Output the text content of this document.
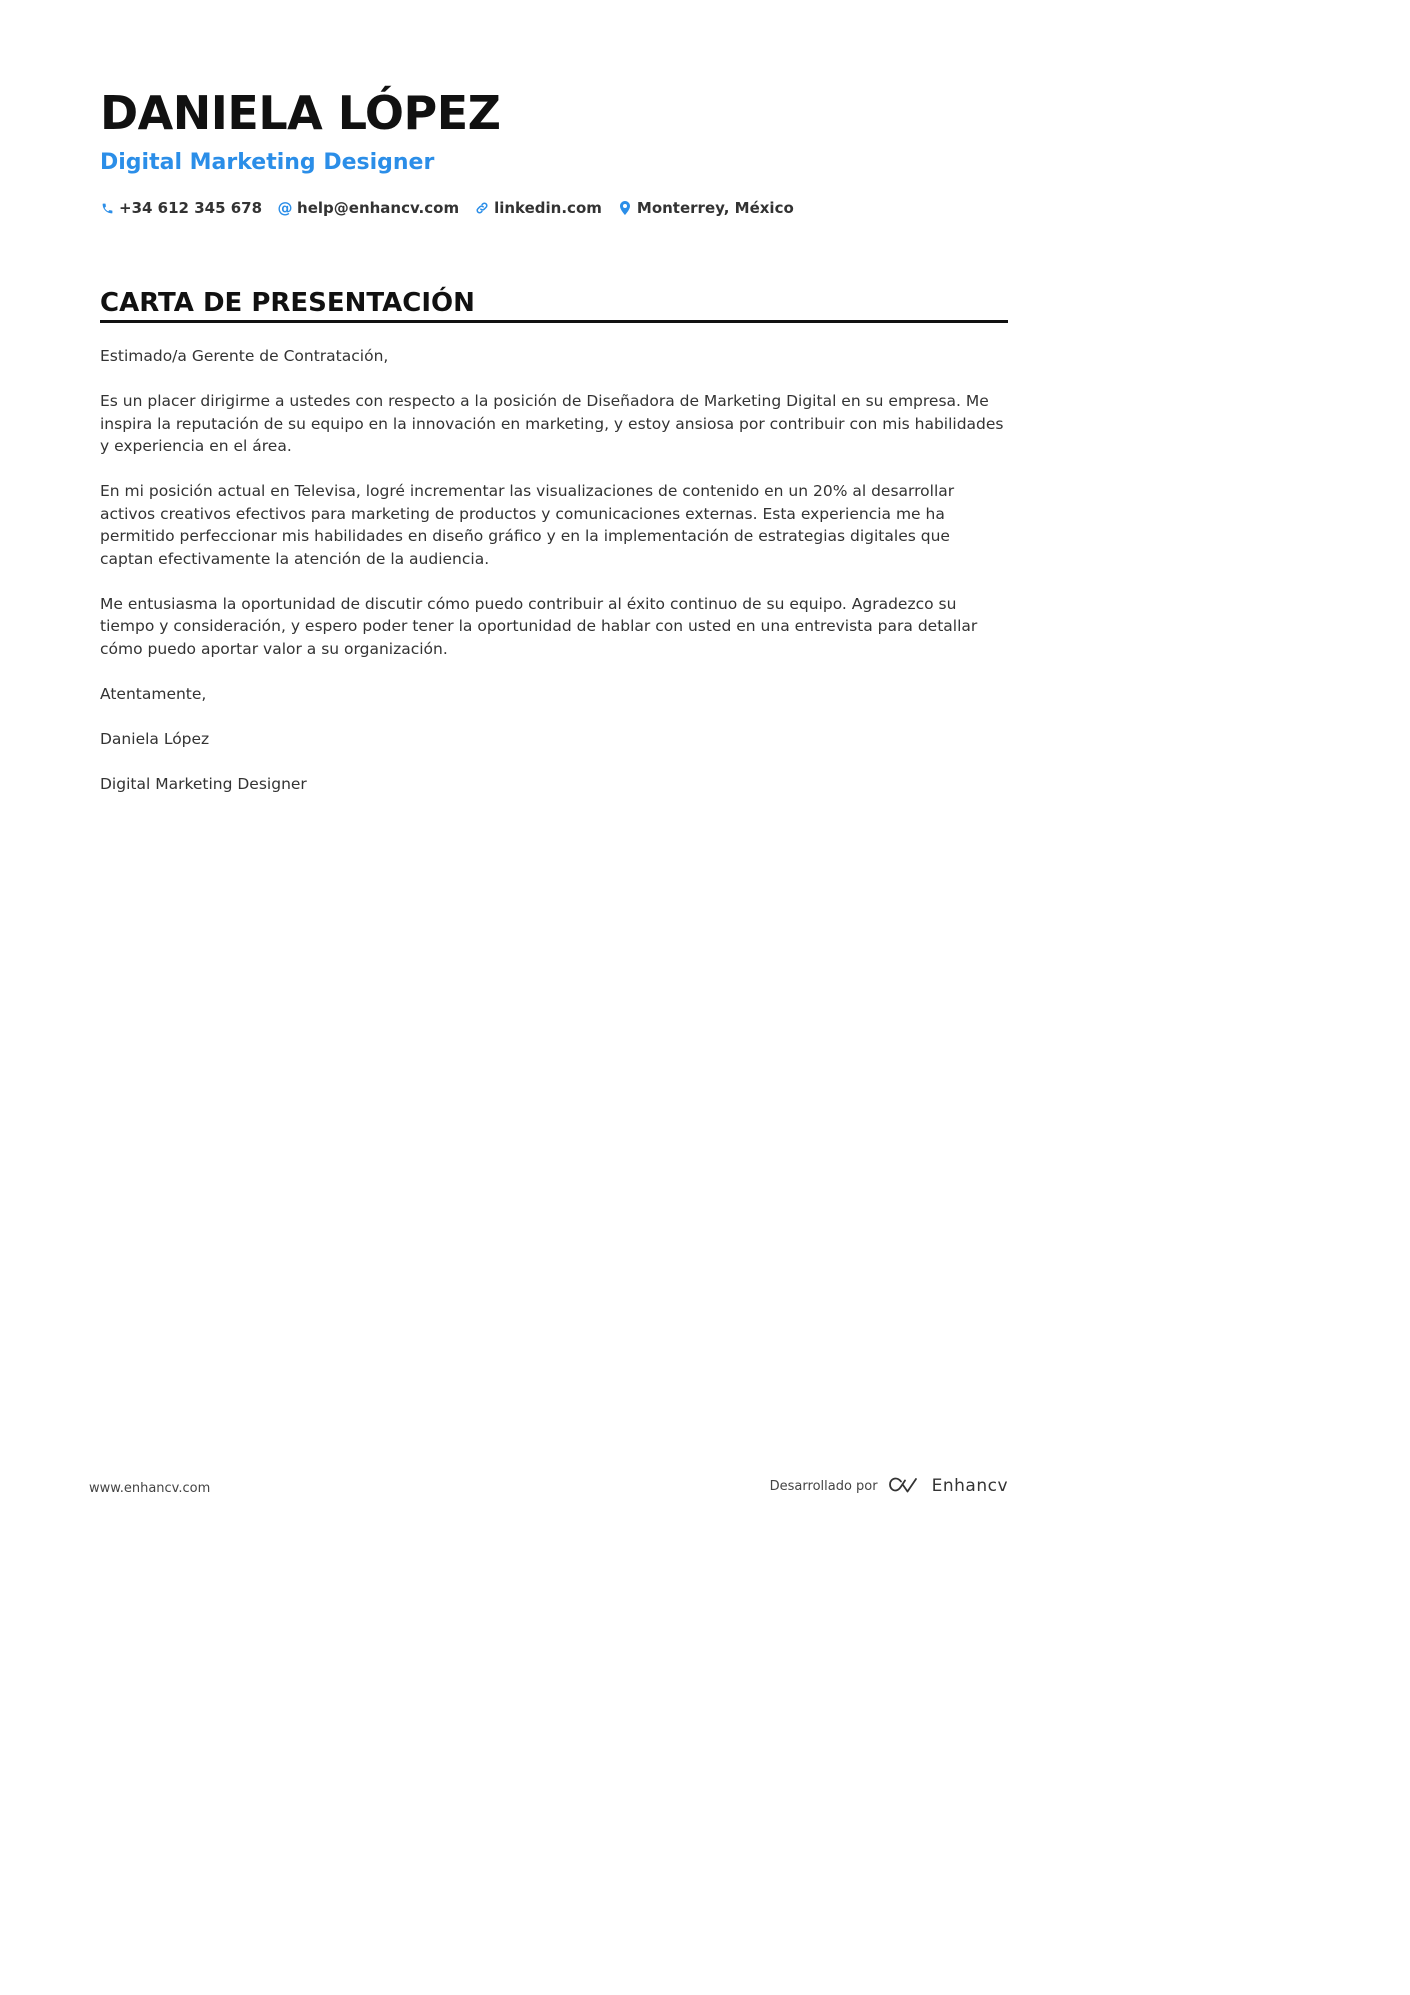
DANIELA LÓPEZ
Digital Marketing Designer
+34 612 345 678 @ help@enhancv.com linkedin.com Monterrey, México
CARTA DE PRESENTACIÓN

Estimado/a Gerente de Contratación,

Es un placer dirigirme a ustedes con respecto a la posición de Diseñadora de Marketing Digital en su empresa. Me inspira la reputación de su equipo en la innovación en marketing, y estoy ansiosa por contribuir con mis habilidades y experiencia en el área.

En mi posición actual en Televisa, logré incrementar las visualizaciones de contenido en un 20% al desarrollar activos creativos efectivos para marketing de productos y comunicaciones externas. Esta experiencia me ha permitido perfeccionar mis habilidades en diseño gráfico y en la implementación de estrategias digitales que captan efectivamente la atención de la audiencia.

Me entusiasma la oportunidad de discutir cómo puedo contribuir al éxito continuo de su equipo. Agradezco su tiempo y consideración, y espero poder tener la oportunidad de hablar con usted en una entrevista para detallar cómo puedo aportar valor a su organización.

Atentamente,

Daniela López

Digital Marketing Designer

www.enhancv.com	Desarrollado por	Enhancv
